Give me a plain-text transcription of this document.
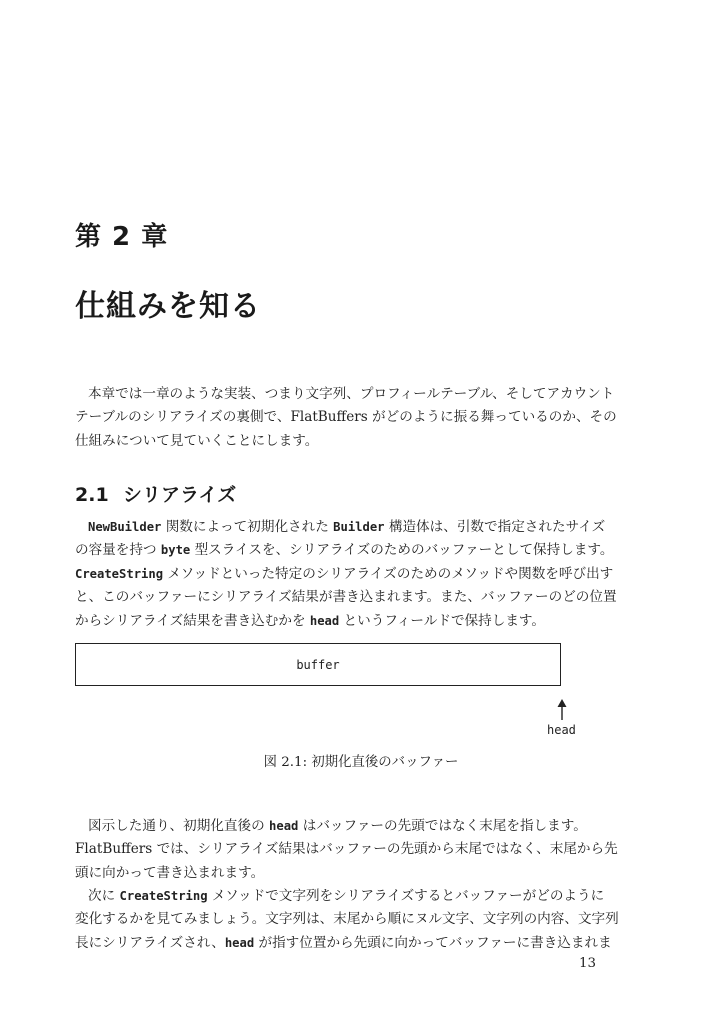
第 2 章
仕組みを知る
本章では一章のような実装、つまり文字列、プロフィールテーブル、そしてアカウント
テーブルのシリアライズの裏側で、FlatBuffers がどのように振る舞っているのか、その
仕組みについて見ていくことにします。
2.1 シリアライズ
NewBuilder 関数によって初期化された Builder 構造体は、引数で指定されたサイズ
の容量を持つ byte 型スライスを、シリアライズのためのバッファーとして保持します。
CreateString メソッドといった特定のシリアライズのためのメソッドや関数を呼び出す
と、このバッファーにシリアライズ結果が書き込まれます。また、バッファーのどの位置
からシリアライズ結果を書き込むかを head というフィールドで保持します。
buffer
head
図 2.1: 初期化直後のバッファー
図示した通り、初期化直後の head はバッファーの先頭ではなく末尾を指します。
FlatBuffers では、シリアライズ結果はバッファーの先頭から末尾ではなく、末尾から先
頭に向かって書き込まれます。
次に CreateString メソッドで文字列をシリアライズするとバッファーがどのように
変化するかを見てみましょう。文字列は、末尾から順にヌル文字、文字列の内容、文字列
長にシリアライズされ、head が指す位置から先頭に向かってバッファーに書き込まれま
13
